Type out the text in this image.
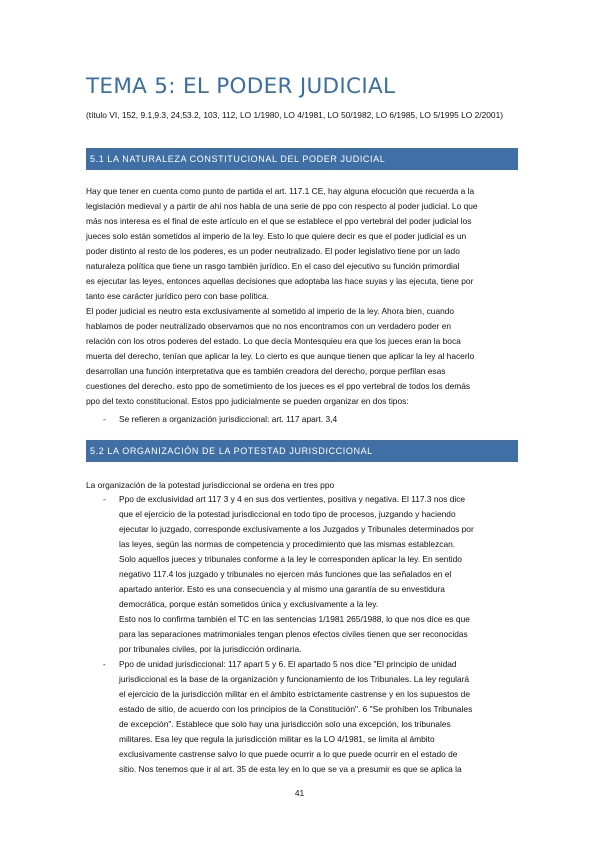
TEMA 5: EL PODER JUDICIAL

(título VI, 152, 9.1,9.3, 24,53.2, 103, 112, LO 1/1980, LO 4/1981, LO 50/1982, LO 6/1985, LO 5/1995 LO 2/2001)

5.1 LA NATURALEZA CONSTITUCIONAL DEL PODER JUDICIAL
Hay que tener en cuenta como punto de partida el art. 117.1 CE, hay alguna elocución que recuerda a la
legislación medieval y a partir de ahí nos habla de una serie de ppo con respecto al poder judicial. Lo que
más nos interesa es el final de este artículo en el que se establece el ppo vertebral del poder judicial los
jueces solo están sometidos al imperio de la ley. Esto lo que quiere decir es que el poder judicial es un
poder distinto al resto de los poderes, es un poder neutralizado. El poder legislativo tiene por un lado
naturaleza política que tiene un rasgo también jurídico. En el caso del ejecutivo su función primordial
es ejecutar las leyes, entonces aquellas decisiones que adoptaba las hace suyas y las ejecuta, tiene por
tanto ese carácter jurídico pero con base política.
El poder judicial es neutro esta exclusivamente al sometido al imperio de la ley. Ahora bien, cuando
hablamos de poder neutralizado observamos que no nos encontramos con un verdadero poder en
relación con los otros poderes del estado. Lo que decía Montesquieu era que los jueces eran la boca
muerta del derecho, tenían que aplicar la ley. Lo cierto es que aunque tienen que aplicar la ley al hacerlo
desarrollan una función interpretativa que es también creadora del derecho, porque perfilan esas
cuestiones del derecho. esto ppo de sometimiento de los jueces es el ppo vertebral de todos los demás
ppo del texto constitucional. Estos ppo judicialmente se pueden organizar en dos tipos:
- Se refieren a organización jurisdiccional: art. 117 apart. 3,4
5.2 LA ORGANIZACIÓN DE LA POTESTAD JURISDICCIONAL
La organización de la potestad jurisdiccional se ordena en tres ppo
- Ppo de exclusividad art 117 3 y 4 en sus dos vertientes, positiva y negativa. El 117.3 nos dice
que el ejercicio de la potestad jurisdiccional en todo tipo de procesos, juzgando y haciendo
ejecutar lo juzgado, corresponde exclusivamente a los Juzgados y Tribunales determinados por
las leyes, según las normas de competencia y procedimiento que las mismas establezcan.
Solo aquellos jueces y tribunales conforme a la ley le corresponden aplicar la ley. En sentido
negativo 117.4 los juzgado y tribunales no ejercen más funciones que las señalados en el
apartado anterior. Esto es una consecuencia y al mismo una garantía de su envestidura
democrática, porque están sometidos única y exclusivamente a la ley.
Esto nos lo confirma también el TC en las sentencias 1/1981 265/1988, lo que nos dice es que
para las separaciones matrimoniales tengan plenos efectos civiles tienen que ser reconocidas
por tribunales civiles, por la jurisdicción ordinaria.
- Ppo de unidad jurisdiccional: 117 apart 5 y 6. El apartado 5 nos dice "El principio de unidad
jurisdiccional es la base de la organización y funcionamiento de los Tribunales. La ley regulará
el ejercicio de la jurisdicción militar en el ámbito estrictamente castrense y en los supuestos de
estado de sitio, de acuerdo con los principios de la Constitución". 6 "Se prohíben los Tribunales
de excepción". Establece que solo hay una jurisdicción solo una excepción, los tribunales
militares. Esa ley que regula la jurisdicción militar es la LO 4/1981, se limita al ámbito
exclusivamente castrense salvo lo que puede ocurrir a lo que puede ocurrir en el estado de
sitio. Nos tenemos que ir al art. 35 de esta ley en lo que se va a presumir es que se aplica la
41
